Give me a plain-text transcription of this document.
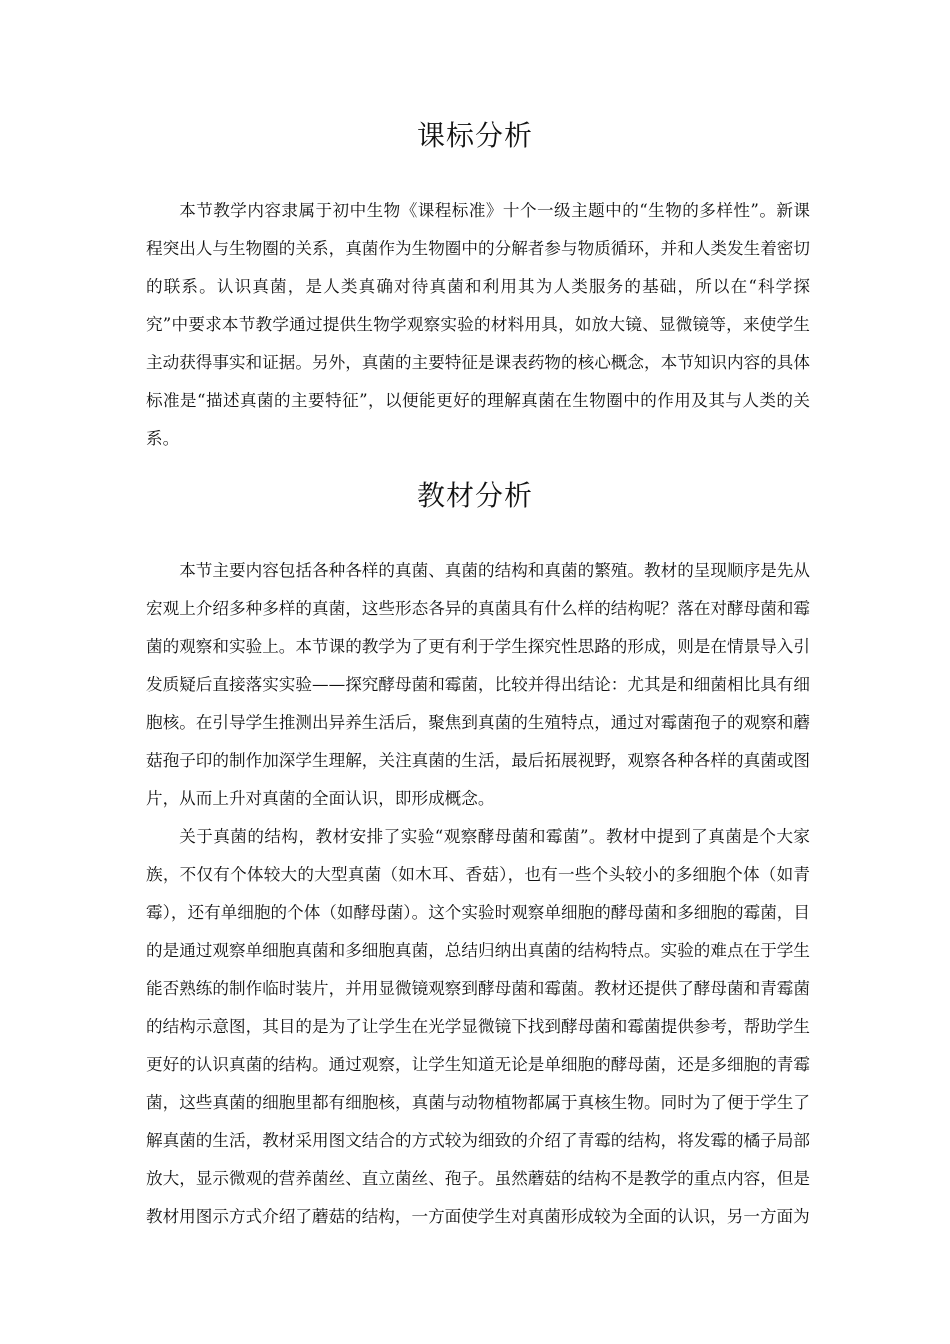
课标分析

本节教学内容隶属于初中生物《课程标准》十个一级主题中的“生物的多样性”。新课程突出人与生物圈的关系，真菌作为生物圈中的分解者参与物质循环，并和人类发生着密切的联系。认识真菌，是人类真确对待真菌和利用其为人类服务的基础，所以在“科学探究”中要求本节教学通过提供生物学观察实验的材料用具，如放大镜、显微镜等，来使学生主动获得事实和证据。另外，真菌的主要特征是课表药物的核心概念，本节知识内容的具体标准是“描述真菌的主要特征”，以便能更好的理解真菌在生物圈中的作用及其与人类的关系。

教材分析

本节主要内容包括各种各样的真菌、真菌的结构和真菌的繁殖。教材的呈现顺序是先从宏观上介绍多种多样的真菌，这些形态各异的真菌具有什么样的结构呢？落在对酵母菌和霉菌的观察和实验上。本节课的教学为了更有利于学生探究性思路的形成，则是在情景导入引发质疑后直接落实实验——探究酵母菌和霉菌，比较并得出结论：尤其是和细菌相比具有细胞核。在引导学生推测出异养生活后，聚焦到真菌的生殖特点，通过对霉菌孢子的观察和蘑菇孢子印的制作加深学生理解，关注真菌的生活，最后拓展视野，观察各种各样的真菌或图片，从而上升对真菌的全面认识，即形成概念。

关于真菌的结构，教材安排了实验“观察酵母菌和霉菌”。教材中提到了真菌是个大家族，不仅有个体较大的大型真菌（如木耳、香菇），也有一些个头较小的多细胞个体（如青霉），还有单细胞的个体（如酵母菌）。这个实验时观察单细胞的酵母菌和多细胞的霉菌，目的是通过观察单细胞真菌和多细胞真菌，总结归纳出真菌的结构特点。实验的难点在于学生能否熟练的制作临时装片，并用显微镜观察到酵母菌和霉菌。教材还提供了酵母菌和青霉菌的结构示意图，其目的是为了让学生在光学显微镜下找到酵母菌和霉菌提供参考，帮助学生更好的认识真菌的结构。通过观察，让学生知道无论是单细胞的酵母菌，还是多细胞的青霉菌，这些真菌的细胞里都有细胞核，真菌与动物植物都属于真核生物。同时为了便于学生了解真菌的生活，教材采用图文结合的方式较为细致的介绍了青霉的结构，将发霉的橘子局部放大，显示微观的营养菌丝、直立菌丝、孢子。虽然蘑菇的结构不是教学的重点内容，但是教材用图示方式介绍了蘑菇的结构，一方面使学生对真菌形成较为全面的认识，另一方面为
